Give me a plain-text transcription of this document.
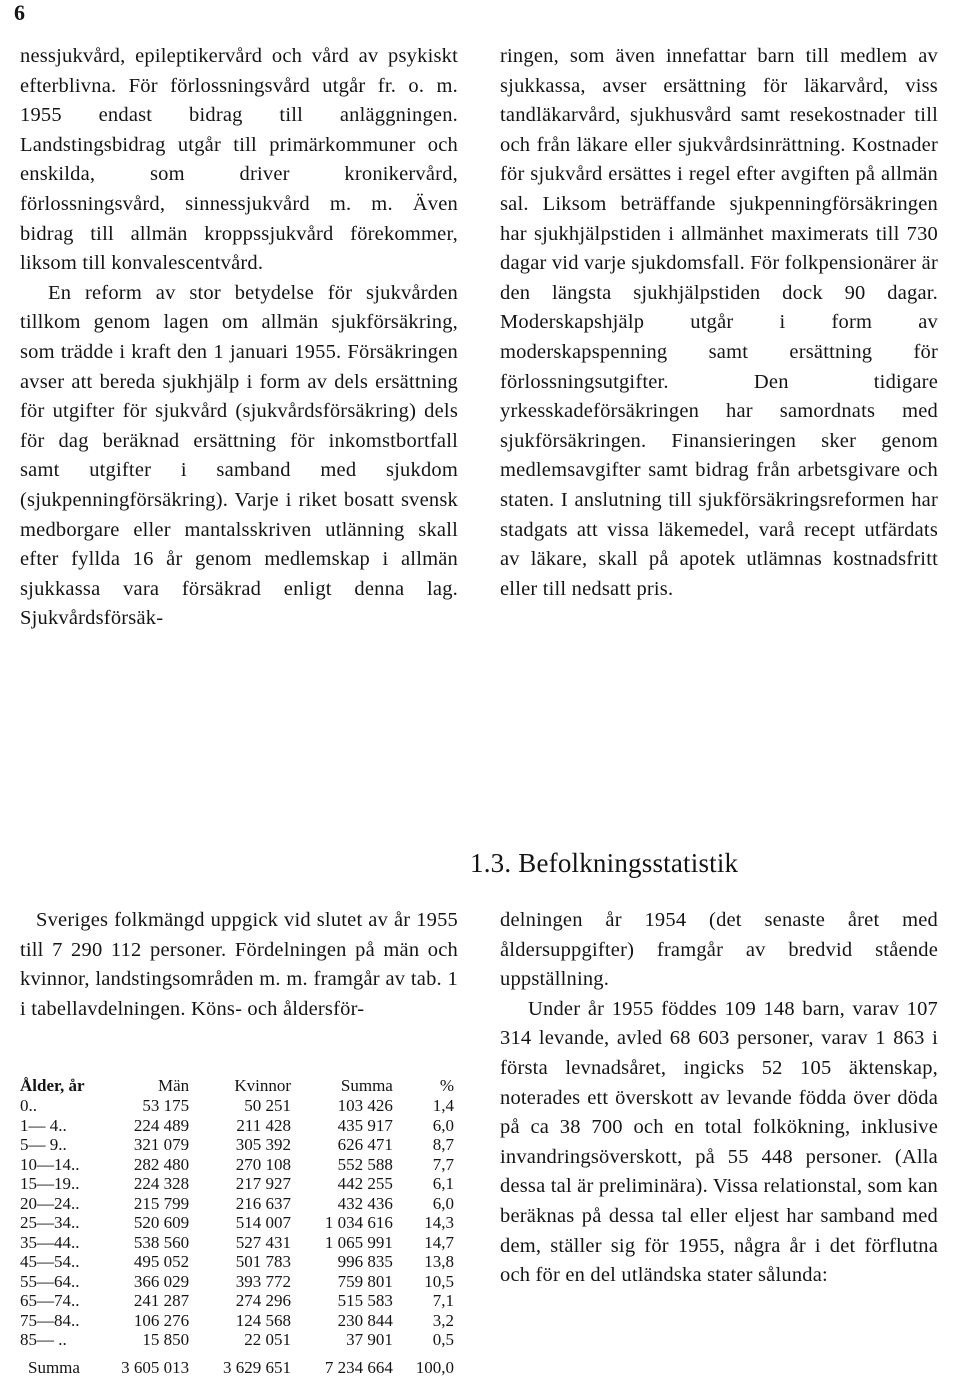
6

nessjukvård, epileptikervård och vård av psykiskt efterblivna. För förlossningsvård utgår fr. o. m. 1955 endast bidrag till anläggningen. Landstingsbidrag utgår till primärkommuner och enskilda, som driver kronikervård, förlossningsvård, sinnessjukvård m. m. Även bidrag till allmän kroppssjukvård förekommer, liksom till konvalescentvård.

En reform av stor betydelse för sjukvården tillkom genom lagen om allmän sjukförsäkring, som trädde i kraft den 1 januari 1955. Försäkringen avser att bereda sjukhjälp i form av dels ersättning för utgifter för sjukvård (sjukvårdsförsäkring) dels för dag beräknad ersättning för inkomstbortfall samt utgifter i samband med sjukdom (sjukpenningförsäkring). Varje i riket bosatt svensk medborgare eller mantalsskriven utlänning skall efter fyllda 16 år genom medlemskap i allmän sjukkassa vara försäkrad enligt denna lag. Sjukvårdsförsäk-

ringen, som även innefattar barn till medlem av sjukkassa, avser ersättning för läkarvård, viss tandläkarvård, sjukhusvård samt resekostnader till och från läkare eller sjukvårdsinrättning. Kostnader för sjukvård ersättes i regel efter avgiften på allmän sal. Liksom beträffande sjukpenningförsäkringen har sjukhjälpstiden i allmänhet maximerats till 730 dagar vid varje sjukdomsfall. För folkpensionärer är den längsta sjukhjälpstiden dock 90 dagar. Moderskapshjälp utgår i form av moderskapspenning samt ersättning för förlossningsutgifter. Den tidigare yrkesskadeförsäkringen har samordnats med sjukförsäkringen. Finansieringen sker genom medlemsavgifter samt bidrag från arbetsgivare och staten. I anslutning till sjukförsäkringsreformen har stadgats att vissa läkemedel, varå recept utfärdats av läkare, skall på apotek utlämnas kostnadsfritt eller till nedsatt pris.

1.3. Befolkningsstatistik

Sveriges folkmängd uppgick vid slutet av år 1955 till 7 290 112 personer. Fördelningen på män och kvinnor, landstingsområden m. m. framgår av tab. 1 i tabellavdelningen. Köns- och åldersför-

Ålder, år	Män	Kvinnor	Summa	%
0..	53 175	50 251	103 426	1,4
1— 4..	224 489	211 428	435 917	6,0
5— 9..	321 079	305 392	626 471	8,7
10—14..	282 480	270 108	552 588	7,7
15—19..	224 328	217 927	442 255	6,1
20—24..	215 799	216 637	432 436	6,0
25—34..	520 609	514 007	1 034 616	14,3
35—44..	538 560	527 431	1 065 991	14,7
45—54..	495 052	501 783	996 835	13,8
55—64..	366 029	393 772	759 801	10,5
65—74..	241 287	274 296	515 583	7,1
75—84..	106 276	124 568	230 844	3,2
85— ..	15 850	22 051	37 901	0,5
Summa	3 605 013	3 629 651	7 234 664	100,0

delningen år 1954 (det senaste året med åldersuppgifter) framgår av bredvid stående uppställning.

Under år 1955 föddes 109 148 barn, varav 107 314 levande, avled 68 603 personer, varav 1 863 i första levnadsåret, ingicks 52 105 äktenskap, noterades ett överskott av levande födda över döda på ca 38 700 och en total folkökning, inklusive invandringsöverskott, på 55 448 personer. (Alla dessa tal är preliminära). Vissa relationstal, som kan beräknas på dessa tal eller eljest har samband med dem, ställer sig för 1955, några år i det förflutna och för en del utländska stater sålunda:
